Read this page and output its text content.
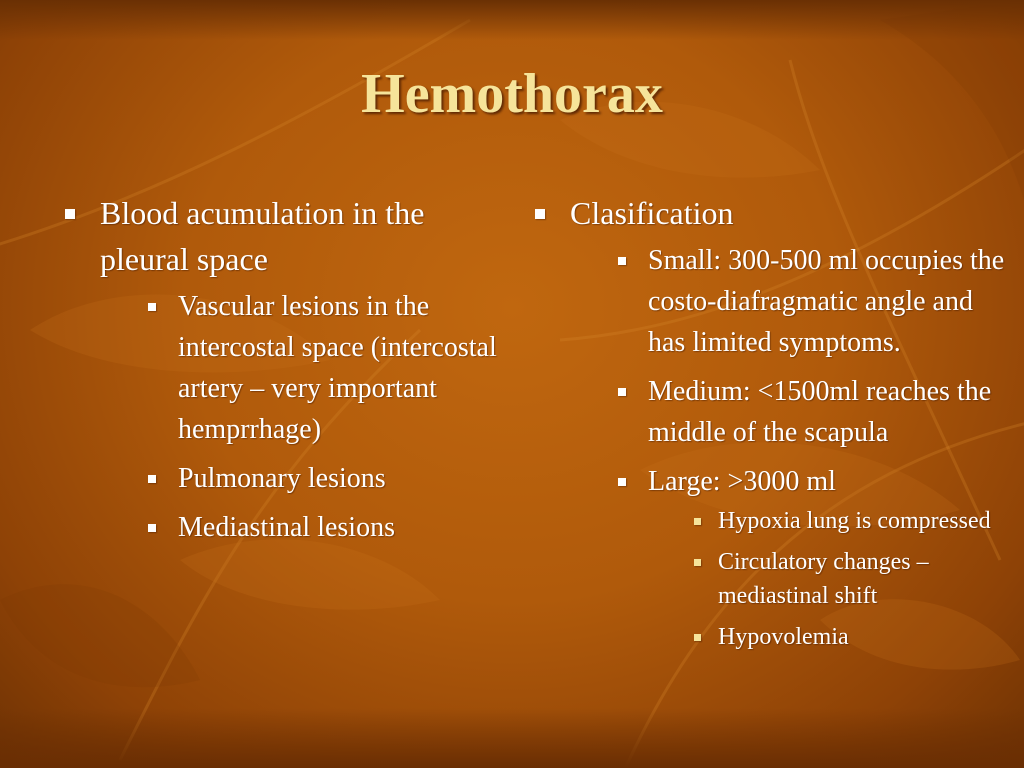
Hemothorax
Blood acumulation in the pleural space
Vascular lesions in the intercostal space (intercostal artery – very important hemprrhage)
Pulmonary lesions
Mediastinal lesions
Clasification
Small: 300-500 ml occupies the costo-diafragmatic angle and has limited symptoms.
Medium: <1500ml reaches the middle of the scapula
Large: >3000 ml
Hypoxia lung is compressed
Circulatory changes – mediastinal shift
Hypovolemia
